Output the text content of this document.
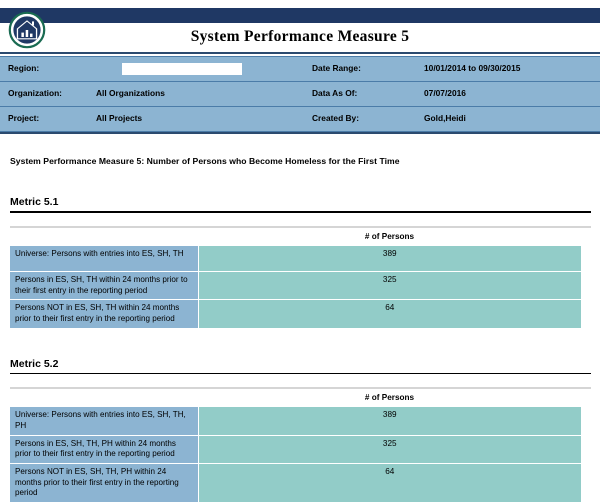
System Performance Measure 5
Region:		Date Range:	10/01/2014 to 09/30/2015
Organization:	All Organizations	Data As Of:	07/07/2016
Project:	All Projects	Created By:	Gold,Heidi
System Performance Measure 5: Number of Persons who Become Homeless for the First Time
Metric 5.1
	# of Persons
Universe: Persons with entries into ES, SH, TH	389
Persons in ES, SH, TH within 24 months prior to their first entry in the reporting period	325
Persons NOT in ES, SH, TH within 24 months prior to their first entry in the reporting period	64
Metric 5.2
	# of Persons
Universe: Persons with entries into ES, SH, TH, PH	389
Persons in ES, SH, TH, PH within 24 months prior to their first entry in the reporting period	325
Persons NOT in ES, SH, TH, PH within 24 months prior to their first entry in the reporting period	64
